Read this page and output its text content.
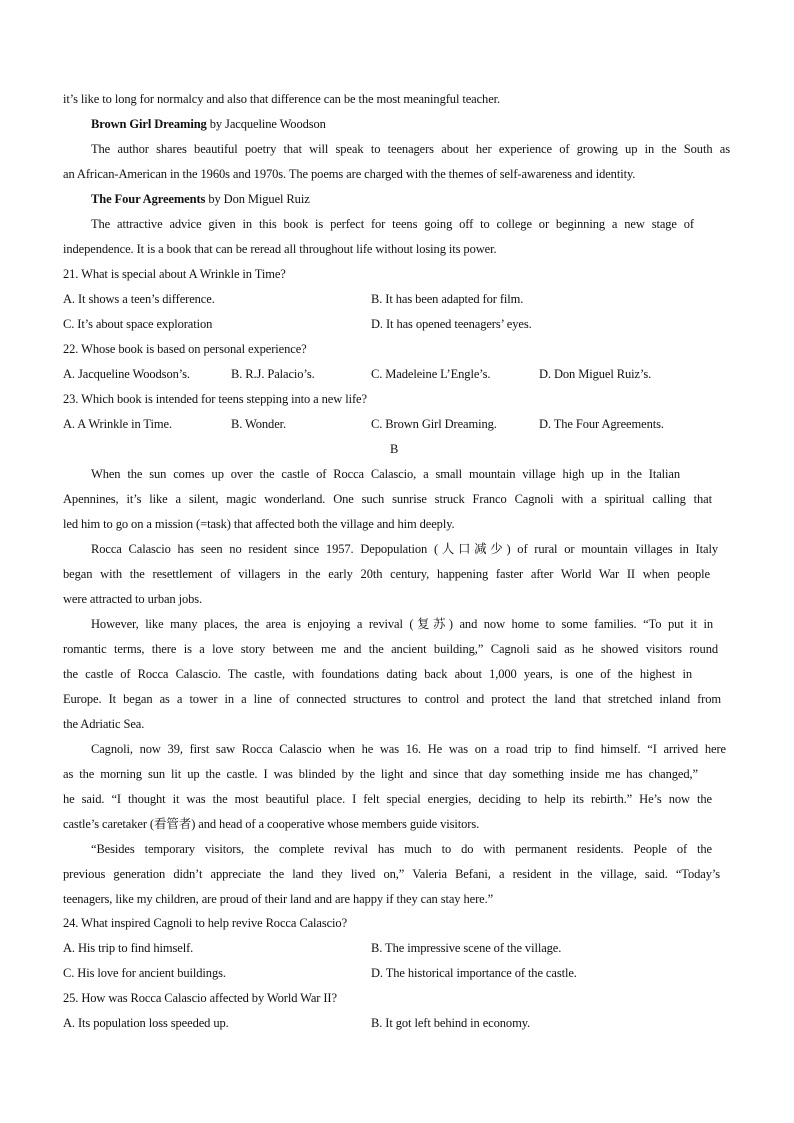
it’s like to long for normalcy and also that difference can be the most meaningful teacher.
Brown Girl Dreaming by Jacqueline Woodson
The author shares beautiful poetry that will speak to teenagers about her experience of growing up in the South as
an African-American in the 1960s and 1970s. The poems are charged with the themes of self-awareness and identity.
The Four Agreements by Don Miguel Ruiz
The attractive advice given in this book is perfect for teens going off to college or beginning a new stage of
independence. It is a book that can be reread all throughout life without losing its power.
21. What is special about A Wrinkle in Time?
A. It shows a teen’s difference.	B. It has been adapted for film.
C. It’s about space exploration	D. It has opened teenagers’ eyes.
22. Whose book is based on personal experience?
A. Jacqueline Woodson’s.	B. R.J. Palacio’s.	C. Madeleine L’Engle’s.	D. Don Miguel Ruiz’s.
23. Which book is intended for teens stepping into a new life?
A. A Wrinkle in Time.	B. Wonder.	C. Brown Girl Dreaming.	D. The Four Agreements.
B
When the sun comes up over the castle of Rocca Calascio, a small mountain village high up in the Italian
Apennines, it’s like a silent, magic wonderland. One such sunrise struck Franco Cagnoli with a spiritual calling that
led him to go on a mission (=task) that affected both the village and him deeply.
Rocca Calascio has seen no resident since 1957. Depopulation (人口减少) of rural or mountain villages in Italy
began with the resettlement of villagers in the early 20th century, happening faster after World War II when people
were attracted to urban jobs.
However, like many places, the area is enjoying a revival (复苏) and now home to some families. “To put it in
romantic terms, there is a love story between me and the ancient building,” Cagnoli said as he showed visitors round
the castle of Rocca Calascio. The castle, with foundations dating back about 1,000 years, is one of the highest in
Europe. It began as a tower in a line of connected structures to control and protect the land that stretched inland from
the Adriatic Sea.
Cagnoli, now 39, first saw Rocca Calascio when he was 16. He was on a road trip to find himself. “I arrived here
as the morning sun lit up the castle. I was blinded by the light and since that day something inside me has changed,”
he said. “I thought it was the most beautiful place. I felt special energies, deciding to help its rebirth.” He’s now the
castle’s caretaker (看管者) and head of a cooperative whose members guide visitors.
“Besides temporary visitors, the complete revival has much to do with permanent residents. People of the
previous generation didn’t appreciate the land they lived on,” Valeria Befani, a resident in the village, said. “Today’s
teenagers, like my children, are proud of their land and are happy if they can stay here.”
24. What inspired Cagnoli to help revive Rocca Calascio?
A. His trip to find himself.	B. The impressive scene of the village.
C. His love for ancient buildings.	D. The historical importance of the castle.
25. How was Rocca Calascio affected by World War II?
A. Its population loss speeded up.	B. It got left behind in economy.
